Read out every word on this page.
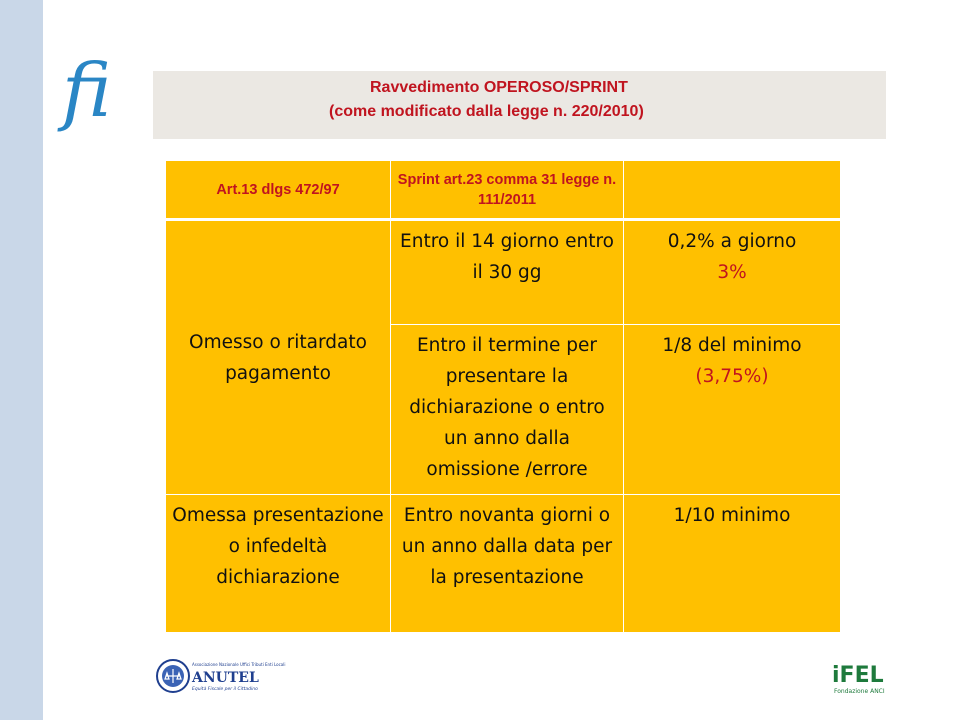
fi	Ravvedimento OPEROSO/SPRINT
(come modificato dalla legge n. 220/2010)
Art.13 dlgs 472/97	Sprint art.23 comma 31 legge n. 111/2011	

Omesso o ritardato pagamento	Entro il 14 giorno entro il 30 gg	0,2% a giorno
3%

	Entro il termine per presentare la dichiarazione o entro un anno dalla omissione /errore	1/8 del minimo
(3,75%)

Omessa presentazione o infedeltà dichiarazione	Entro novanta giorni o un anno dalla data per la presentazione	1/10 minimo
Associazione Nazionale Uffici Tributi Enti Locali
ANUTEL
Equità Fiscale per il Cittadino
iFEL
Fondazione ANCI
